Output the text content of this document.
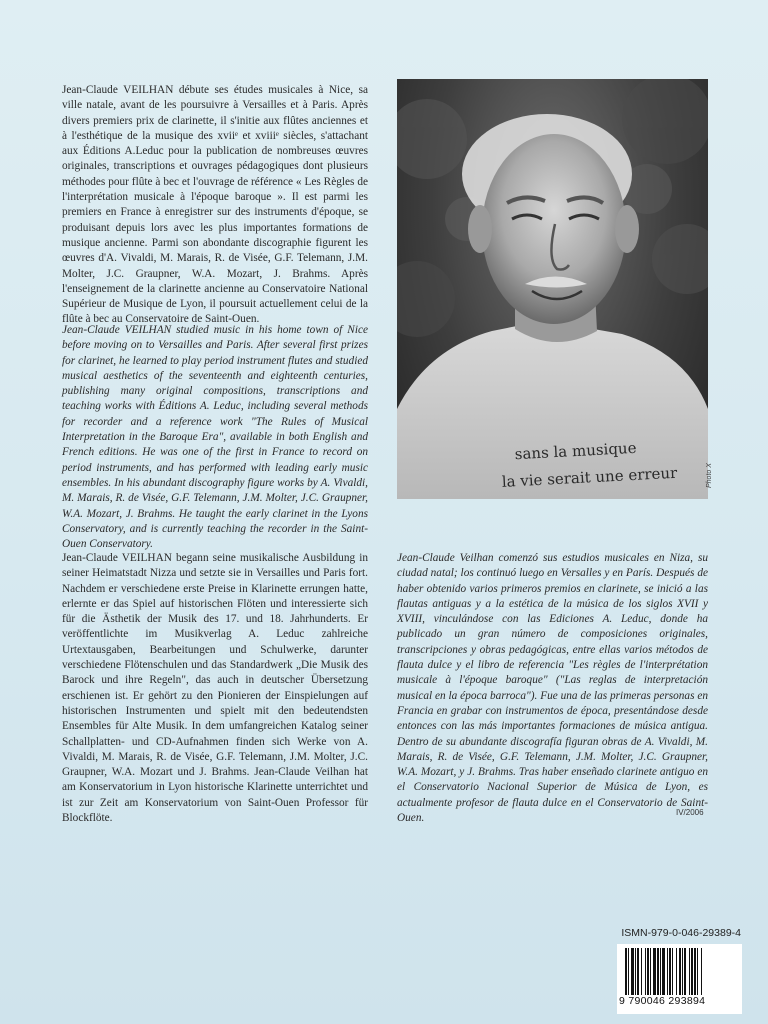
Jean-Claude VEILHAN débute ses études musicales à Nice, sa ville natale, avant de les poursuivre à Versailles et à Paris. Après divers premiers prix de clarinette, il s'initie aux flûtes anciennes et à l'esthétique de la musique des xviiᵉ et xviiiᵉ siècles, s'attachant aux Éditions A.Leduc pour la publication de nombreuses œuvres originales, transcriptions et ouvrages pédagogiques dont plusieurs méthodes pour flûte à bec et l'ouvrage de référence « Les Règles de l'interprétation musicale à l'époque baroque ». Il est parmi les premiers en France à enregistrer sur des instruments d'époque, se produisant depuis lors avec les plus importantes formations de musique ancienne. Parmi son abondante discographie figurent les œuvres d'A. Vivaldi, M. Marais, R. de Visée, G.F. Telemann, J.M. Molter, J.C. Graupner, W.A. Mozart, J. Brahms. Après l'enseignement de la clarinette ancienne au Conservatoire National Supérieur de Musique de Lyon, il poursuit actuellement celui de la flûte à bec au Conservatoire de Saint-Ouen.

Jean-Claude VEILHAN studied music in his home town of Nice before moving on to Versailles and Paris. After several first prizes for clarinet, he learned to play period instrument flutes and studied musical aesthetics of the seventeenth and eighteenth centuries, publishing many original compositions, transcriptions and teaching works with Éditions A. Leduc, including several methods for recorder and a reference work "The Rules of Musical Interpretation in the Baroque Era", available in both English and French editions. He was one of the first in France to record on period instruments, and has performed with leading early music ensembles. In his abundant discography figure works by A. Vivaldi, M. Marais, R. de Visée, G.F. Telemann, J.M. Molter, J.C. Graupner, W.A. Mozart, J. Brahms. He taught the early clarinet in the Lyons Conservatory, and is currently teaching the recorder in the Saint-Ouen Conservatory.

Jean-Claude VEILHAN begann seine musikalische Ausbildung in seiner Heimatstadt Nizza und setzte sie in Versailles und Paris fort. Nachdem er verschiedene erste Preise in Klarinette errungen hatte, erlernte er das Spiel auf historischen Flöten und interessierte sich für die Ästhetik der Musik des 17. und 18. Jahrhunderts. Er veröffentlichte im Musikverlag A. Leduc zahlreiche Urtextausgaben, Bearbeitungen und Schulwerke, darunter verschiedene Flötenschulen und das Standardwerk „Die Musik des Barock und ihre Regeln", das auch in deutscher Übersetzung erschienen ist. Er gehört zu den Pionieren der Einspielungen auf historischen Instrumenten und spielt mit den bedeutendsten Ensembles für Alte Musik. In dem umfangreichen Katalog seiner Schallplatten- und CD-Aufnahmen finden sich Werke von A. Vivaldi, M. Marais, R. de Visée, G.F. Telemann, J.M. Molter, J.C. Graupner, W.A. Mozart und J. Brahms. Jean-Claude Veilhan hat am Konservatorium in Lyon historische Klarinette unterrichtet und ist zur Zeit am Konservatorium von Saint-Ouen Professor für Blockflöte.

Jean-Claude Veilhan comenzó sus estudios musicales en Niza, su ciudad natal; los continuó luego en Versalles y en París. Después de haber obtenido varios primeros premios en clarinete, se inició a las flautas antiguas y a la estética de la música de los siglos XVII y XVIII, vinculándose con las Ediciones A. Leduc, donde ha publicado un gran número de composiciones originales, transcripciones y obras pedagógicas, entre ellas varios métodos de flauta dulce y el libro de referencia "Les règles de l'interprétation musicale à l'époque baroque" ("Las reglas de interpretación musical en la época barroca"). Fue una de las primeras personas en Francia en grabar con instrumentos de época, presentándose desde entonces con las más importantes formaciones de música antigua. Dentro de su abundante discografía figuran obras de A. Vivaldi, M. Marais, R. de Visée, G.F. Telemann, J.M. Molter, J.C. Graupner, W.A. Mozart, y J. Brahms. Tras haber enseñado clarinete antiguo en el Conservatorio Nacional Superior de Música de Lyon, es actualmente profesor de flauta dulce en el Conservatorio de Saint-Ouen.

sans la musique
la vie serait une erreur	Photo X
IV/2006
ISMN-979-0-046-29389-4
9 790046 293894
